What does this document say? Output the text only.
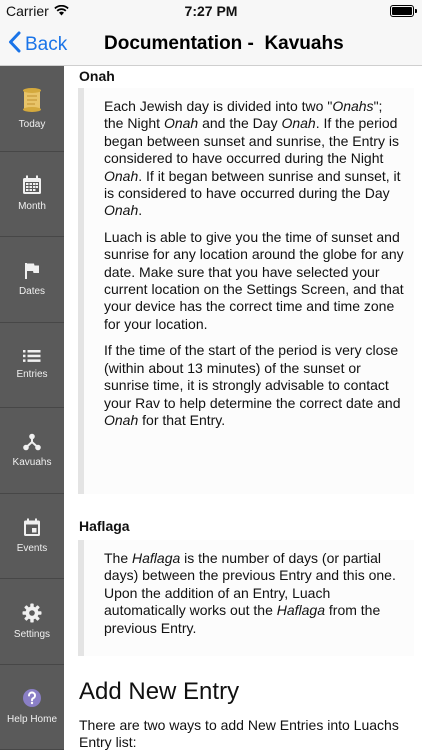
Carrier	7:27 PM
Back Documentation -  Kavuahs
Today
Month
Dates
Entries
Kavuahs
Events
Settings
Help Home
Onah

Each Jewish day is divided into two "Onahs"; the Night Onah and the Day Onah. If the period began between sunset and sunrise, the Entry is considered to have occurred during the Night Onah. If it began between sunrise and sunset, it is considered to have occurred during the Day Onah.

Luach is able to give you the time of sunset and sunrise for any location around the globe for any date. Make sure that you have selected your current location on the Settings Screen, and that your device has the correct time and time zone for your location.

If the time of the start of the period is very close (within about 13 minutes) of the sunset or sunrise time, it is strongly advisable to contact your Rav to help determine the correct date and Onah for that Entry.

Haflaga

The Haflaga is the number of days (or partial days) between the previous Entry and this one. Upon the addition of an Entry, Luach automatically works out the Haflaga from the previous Entry.

Add New Entry
There are two ways to add New Entries into Luachs Entry list:
